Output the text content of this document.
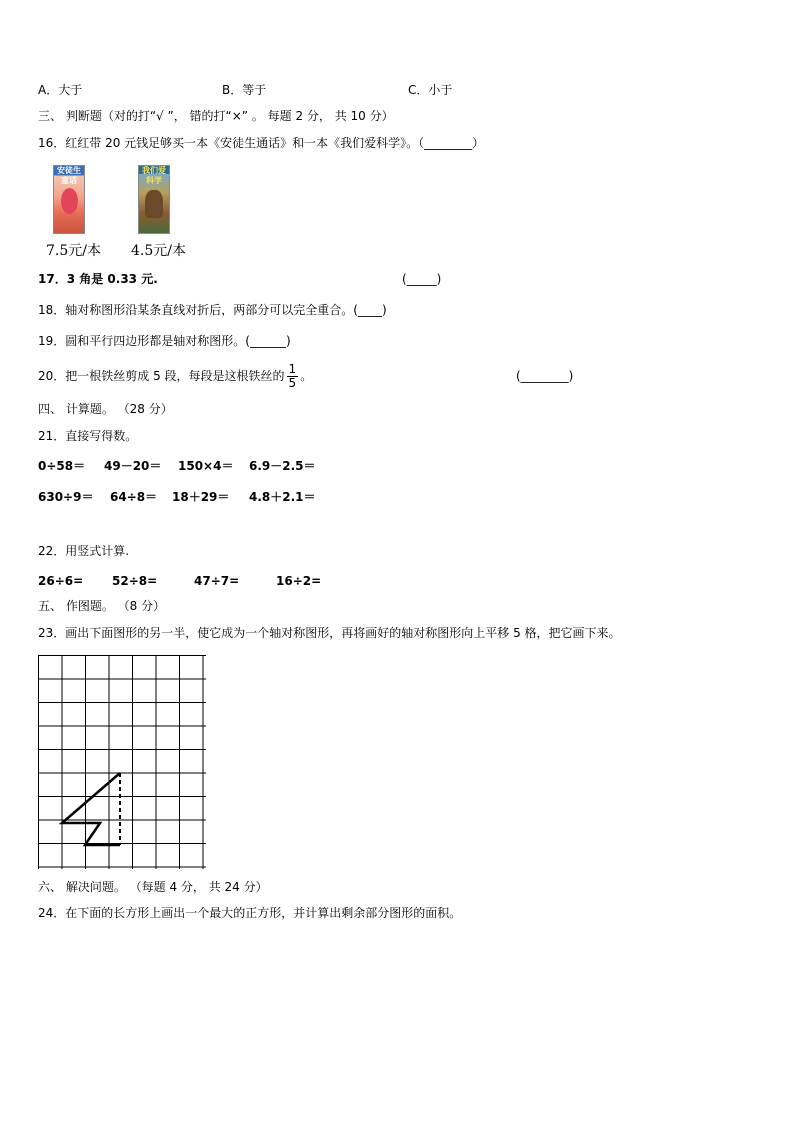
A．大于	B．等于	C．小于
三、 判断题（对的打“√ ”， 错的打“×” 。 每题 2 分， 共 10 分）
16．红红带 20 元钱足够买一本《安徒生通话》和一本《我们爱科学》。（________）
安徒生童话
我们爱科学
7.5元/本 4.5元/本
17．3 角是 0.33 元.	(_____)
18．轴对称图形沿某条直线对折后，两部分可以完全重合。(____)
19．圆和平行四边形都是轴对称图形。(______)
20．把一根铁丝剪成 5 段，每段是这根铁丝的 $\frac{1}{5}$ 。	(________)
四、 计算题。 （28 分）
21．直接写得数。
0÷58＝ 49－20＝ 150×4＝ 6.9－2.5＝
630÷9＝ 64÷8＝ 18＋29＝ 4.8＋2.1＝
22．用竖式计算.
26÷6= 52÷8=	47÷7=	16÷2=
五、 作图题。 （8 分）
23．画出下面图形的另一半，使它成为一个轴对称图形，再将画好的轴对称图形向上平移 5 格，把它画下来。
六、 解决问题。 （每题 4 分， 共 24 分）
24．在下面的长方形上画出一个最大的正方形，并计算出剩余部分图形的面积。
